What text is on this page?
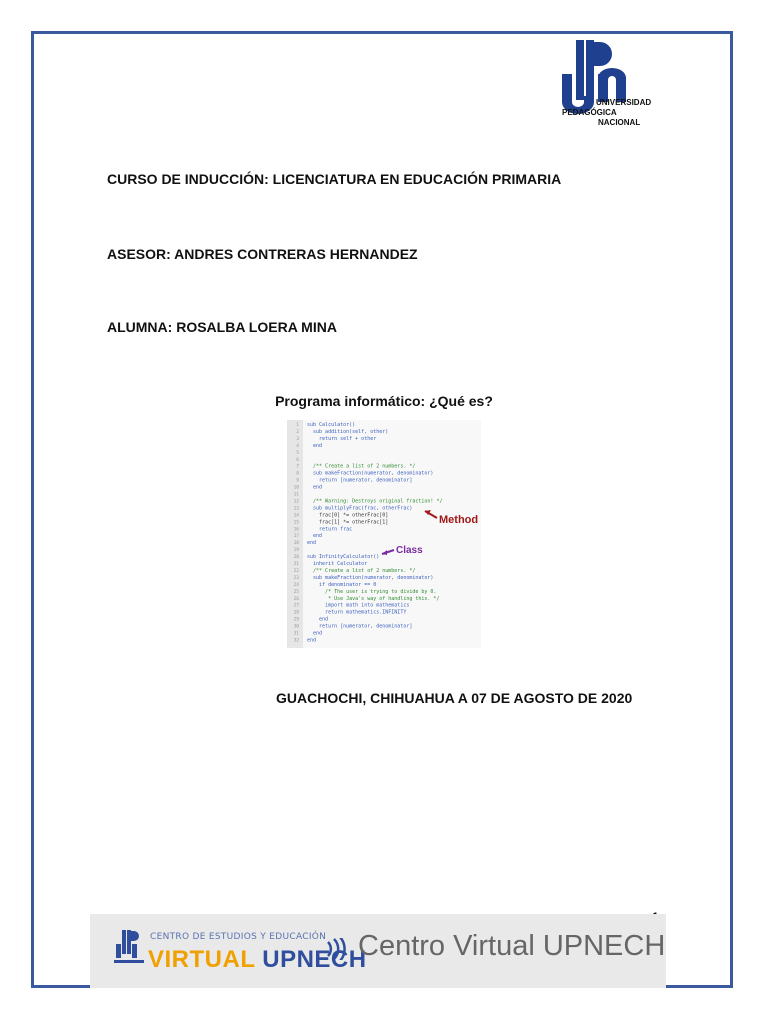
UNIVERSIDAD
PEDAGÓGICA
NACIONAL
CURSO DE INDUCCIÓN: LICENCIATURA EN EDUCACIÓN PRIMARIA
ASESOR: ANDRES CONTRERAS HERNANDEZ
ALUMNA: ROSALBA LOERA MINA
Programa informático: ¿Qué es?
1 sub Calculator()
2 sub addition(self, other)
3 return self + other
4 end
5
6
7 /** Create a list of 2 numbers. */
8 sub makeFraction(numerator, denominator)
9 return [numerator, denominator]
10 end
11
12 /** Warning: Destroys original fraction! */
13 sub multiplyFrac(frac, otherFrac)
14 frac[0] *= otherFrac[0]
15 frac[1] *= otherFrac[1]
16 return frac
17 end
18 end
19
20 sub InfinityCalculator()
21 inherit Calculator
22 /** Create a list of 2 numbers. */
23 sub makeFraction(numerator, denominator)
24 if denominator == 0
25 /* The user is trying to divide by 0.
26 * Use Java's way of handling this. */
27 import math into mathematics
28 return mathematics.INFINITY
29 end
30 return [numerator, denominator]
31 end
32 end
Method
Class
GUACHOCHI, CHIHUAHUA A 07 DE AGOSTO DE 2020
CENTRO DE ESTUDIOS Y EDUCACIÓN
VIRTUAL UPNECH
Centro Virtual UPNECH
